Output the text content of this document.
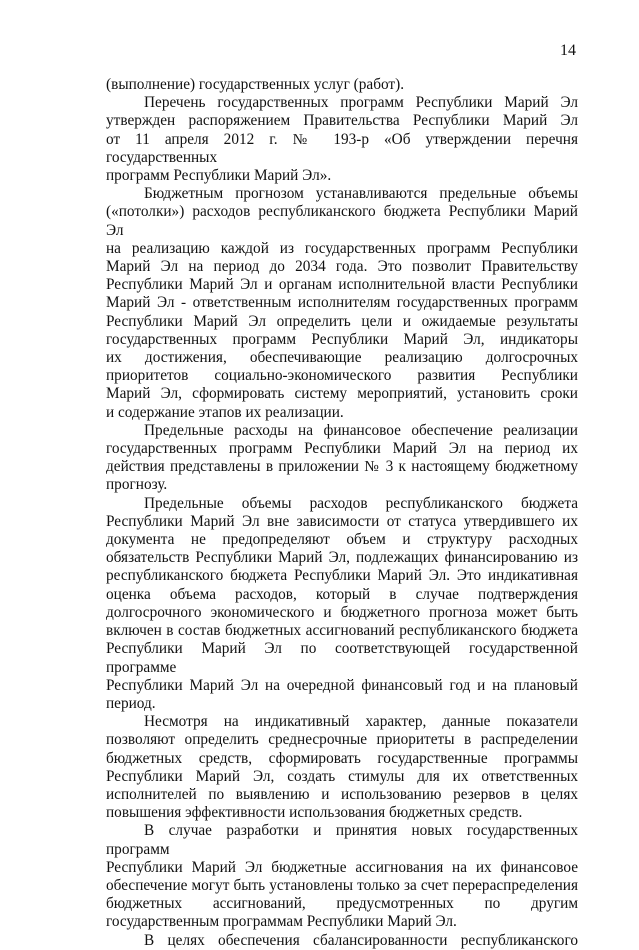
14
(выполнение) государственных услуг (работ).
Перечень государственных программ Республики Марий Эл
утвержден распоряжением Правительства Республики Марий Эл
от 11 апреля 2012 г. № 193-р «Об утверждении перечня государственных
программ Республики Марий Эл».
Бюджетным прогнозом устанавливаются предельные объемы
(«потолки») расходов республиканского бюджета Республики Марий Эл
на реализацию каждой из государственных программ Республики
Марий Эл на период до 2034 года. Это позволит Правительству
Республики Марий Эл и органам исполнительной власти Республики
Марий Эл - ответственным исполнителям государственных программ
Республики Марий Эл определить цели и ожидаемые результаты
государственных программ Республики Марий Эл, индикаторы
их достижения, обеспечивающие реализацию долгосрочных
приоритетов социально-экономического развития Республики
Марий Эл, сформировать систему мероприятий, установить сроки
и содержание этапов их реализации.
Предельные расходы на финансовое обеспечение реализации
государственных программ Республики Марий Эл на период их
действия представлены в приложении № 3 к настоящему бюджетному
прогнозу.
Предельные объемы расходов республиканского бюджета
Республики Марий Эл вне зависимости от статуса утвердившего их
документа не предопределяют объем и структуру расходных
обязательств Республики Марий Эл, подлежащих финансированию из
республиканского бюджета Республики Марий Эл. Это индикативная
оценка объема расходов, который в случае подтверждения
долгосрочного экономического и бюджетного прогноза может быть
включен в состав бюджетных ассигнований республиканского бюджета
Республики Марий Эл по соответствующей государственной программе
Республики Марий Эл на очередной финансовый год и на плановый
период.
Несмотря на индикативный характер, данные показатели
позволяют определить среднесрочные приоритеты в распределении
бюджетных средств, сформировать государственные программы
Республики Марий Эл, создать стимулы для их ответственных
исполнителей по выявлению и использованию резервов в целях
повышения эффективности использования бюджетных средств.
В случае разработки и принятия новых государственных программ
Республики Марий Эл бюджетные ассигнования на их финансовое
обеспечение могут быть установлены только за счет перераспределения
бюджетных ассигнований, предусмотренных по другим
государственным программам Республики Марий Эл.
В целях обеспечения сбалансированности республиканского
